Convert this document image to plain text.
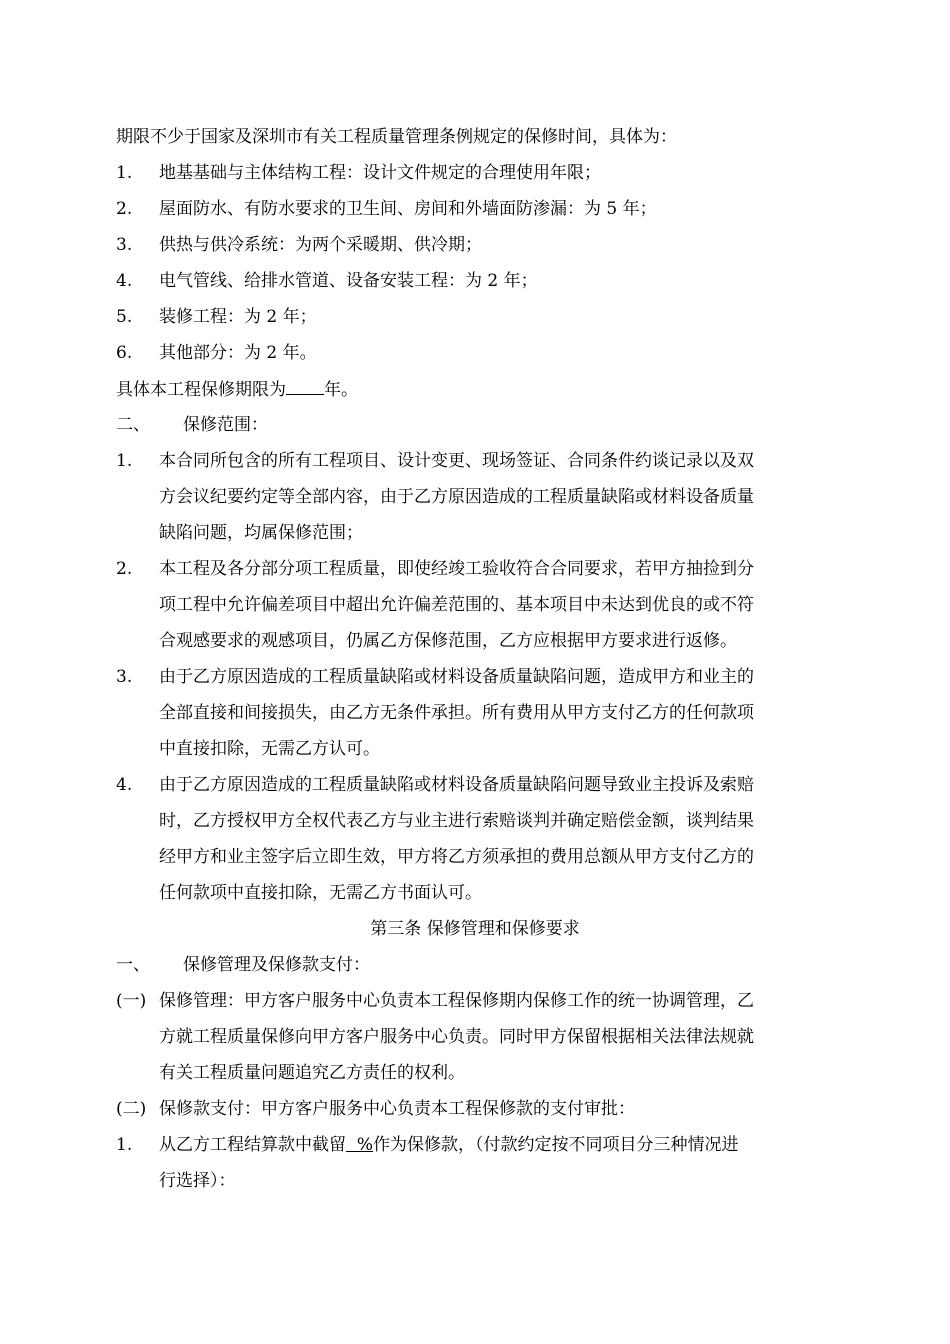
期限不少于国家及深圳市有关工程质量管理条例规定的保修时间，具体为：
1. 地基基础与主体结构工程：设计文件规定的合理使用年限；
2. 屋面防水、有防水要求的卫生间、房间和外墙面防渗漏：为 5 年；
3. 供热与供冷系统：为两个采暖期、供冷期；
4. 电气管线、给排水管道、设备安装工程：为 2 年；
5. 装修工程：为 2 年；
6. 其他部分：为 2 年。
具体本工程保修期限为 年。
二、 保修范围：
1. 本合同所包含的所有工程项目、设计变更、现场签证、合同条件约谈记录以及双
方会议纪要约定等全部内容，由于乙方原因造成的工程质量缺陷或材料设备质量
缺陷问题，均属保修范围；
2. 本工程及各分部分项工程质量，即使经竣工验收符合合同要求，若甲方抽捡到分
项工程中允许偏差项目中超出允许偏差范围的、基本项目中未达到优良的或不符
合观感要求的观感项目，仍属乙方保修范围，乙方应根据甲方要求进行返修。
3. 由于乙方原因造成的工程质量缺陷或材料设备质量缺陷问题，造成甲方和业主的
全部直接和间接损失，由乙方无条件承担。所有费用从甲方支付乙方的任何款项
中直接扣除，无需乙方认可。
4. 由于乙方原因造成的工程质量缺陷或材料设备质量缺陷问题导致业主投诉及索赔
时，乙方授权甲方全权代表乙方与业主进行索赔谈判并确定赔偿金额，谈判结果
经甲方和业主签字后立即生效，甲方将乙方须承担的费用总额从甲方支付乙方的
任何款项中直接扣除，无需乙方书面认可。
第三条 保修管理和保修要求
一、 保修管理及保修款支付：
(一) 保修管理：甲方客户服务中心负责本工程保修期内保修工作的统一协调管理，乙
方就工程质量保修向甲方客户服务中心负责。同时甲方保留根据相关法律法规就
有关工程质量问题追究乙方责任的权利。
(二) 保修款支付：甲方客户服务中心负责本工程保修款的支付审批：
1. 从乙方工程结算款中截留 %作为保修款，（付款约定按不同项目分三种情况进
行选择）：
